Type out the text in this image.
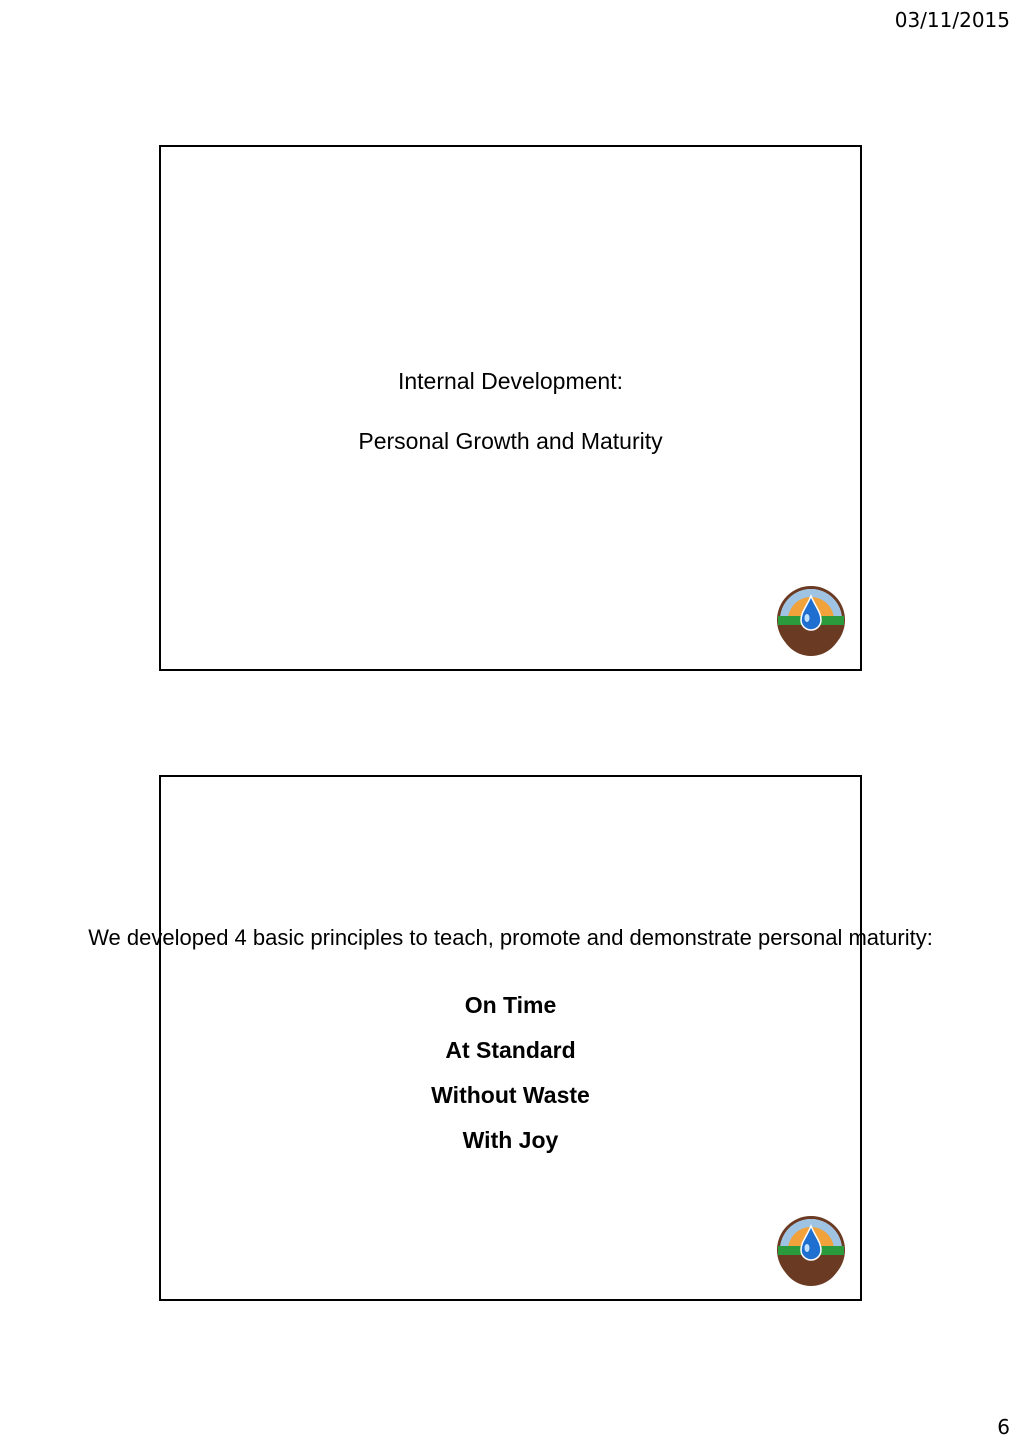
03/11/2015
Internal Development:
Personal Growth and Maturity
We developed 4 basic principles to teach, promote and demonstrate personal maturity:
On Time
At Standard
Without Waste
With Joy
6
